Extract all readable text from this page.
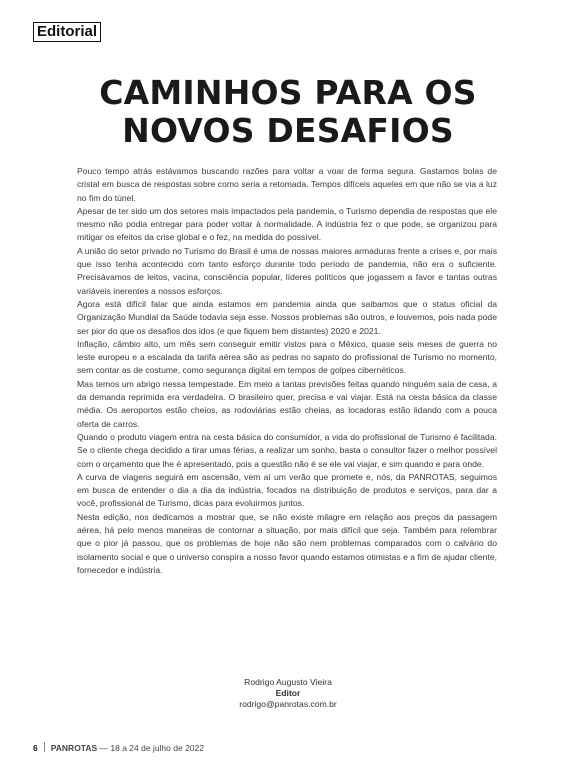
Editorial
CAMINHOS PARA OS
NOVOS DESAFIOS

Pouco tempo atrás estávamos buscando razões para voltar a voar de forma segura. Gastamos bolas de cristal em busca de respostas sobre como seria a retomada. Tempos difíceis aqueles em que não se via a luz no fim do túnel.

Apesar de ter sido um dos setores mais impactados pela pandemia, o Turismo dependia de respostas que ele mesmo não podia entregar para poder voltar à normalidade. A indústria fez o que pode, se organizou para mitigar os efeitos da crise global e o fez, na medida do possível.

A união do setor privado no Turismo do Brasil é uma de nossas maiores armaduras frente a crises e, por mais que isso tenha acontecido com tanto esforço durante todo período de pandemia, não era o suficiente. Precisávamos de leitos, vacina, consciência popular, líderes políticos que jogassem a favor e tantas outras variáveis inerentes a nossos esforços.

Agora está difícil falar que ainda estamos em pandemia ainda que saibamos que o status oficial da Organização Mundial da Saúde todavia seja esse. Nossos problemas são outros, e louvemos, pois nada pode ser pior do que os desafios dos idos (e que fiquem bem distantes) 2020 e 2021.

Inflação, câmbio alto, um mês sem conseguir emitir vistos para o México, quase seis meses de guerra no leste europeu e a escalada da tarifa aérea são as pedras no sapato do profissional de Turismo no momento, sem contar as de costume, como segurança digital em tempos de golpes cibernéticos.

Mas temos um abrigo nessa tempestade. Em meio a tantas previsões feitas quando ninguém saía de casa, a da demanda reprimida era verdadeira. O brasileiro quer, precisa e vai viajar. Está na cesta básica da classe média. Os aeroportos estão cheios, as rodoviárias estão cheias, as locadoras estão lidando com a pouca oferta de carros.

Quando o produto viagem entra na cesta básica do consumidor, a vida do profissional de Turismo é facilitada. Se o cliente chega decidido a tirar umas férias, a realizar um sonho, basta o consultor fazer o melhor possível com o orçamento que lhe é apresentado, pois a questão não é se ele vai viajar, e sim quando e para onde.

A curva de viagens seguirá em ascensão, vem aí um verão que promete e, nós, da PANROTAS, seguimos em busca de entender o dia a dia da indústria, focados na distribuição de produtos e serviços, para dar a você, profissional de Turismo, dicas para evoluirmos juntos.

Nesta edição, nos dedicamos a mostrar que, se não existe milagre em relação aos preços da passagem aérea, há pelo menos maneiras de contornar a situação, por mais difícil que seja. Também para relembrar que o pior já passou, que os problemas de hoje não são nem problemas comparados com o calvário do isolamento social e que o universo conspira a nosso favor quando estamos otimistas e a fim de ajudar cliente, fornecedor e indústria.

Rodrigo Augusto Vieira
Editor
rodrigo@panrotas.com.br
6 PANROTAS — 18 a 24 de julho de 2022
